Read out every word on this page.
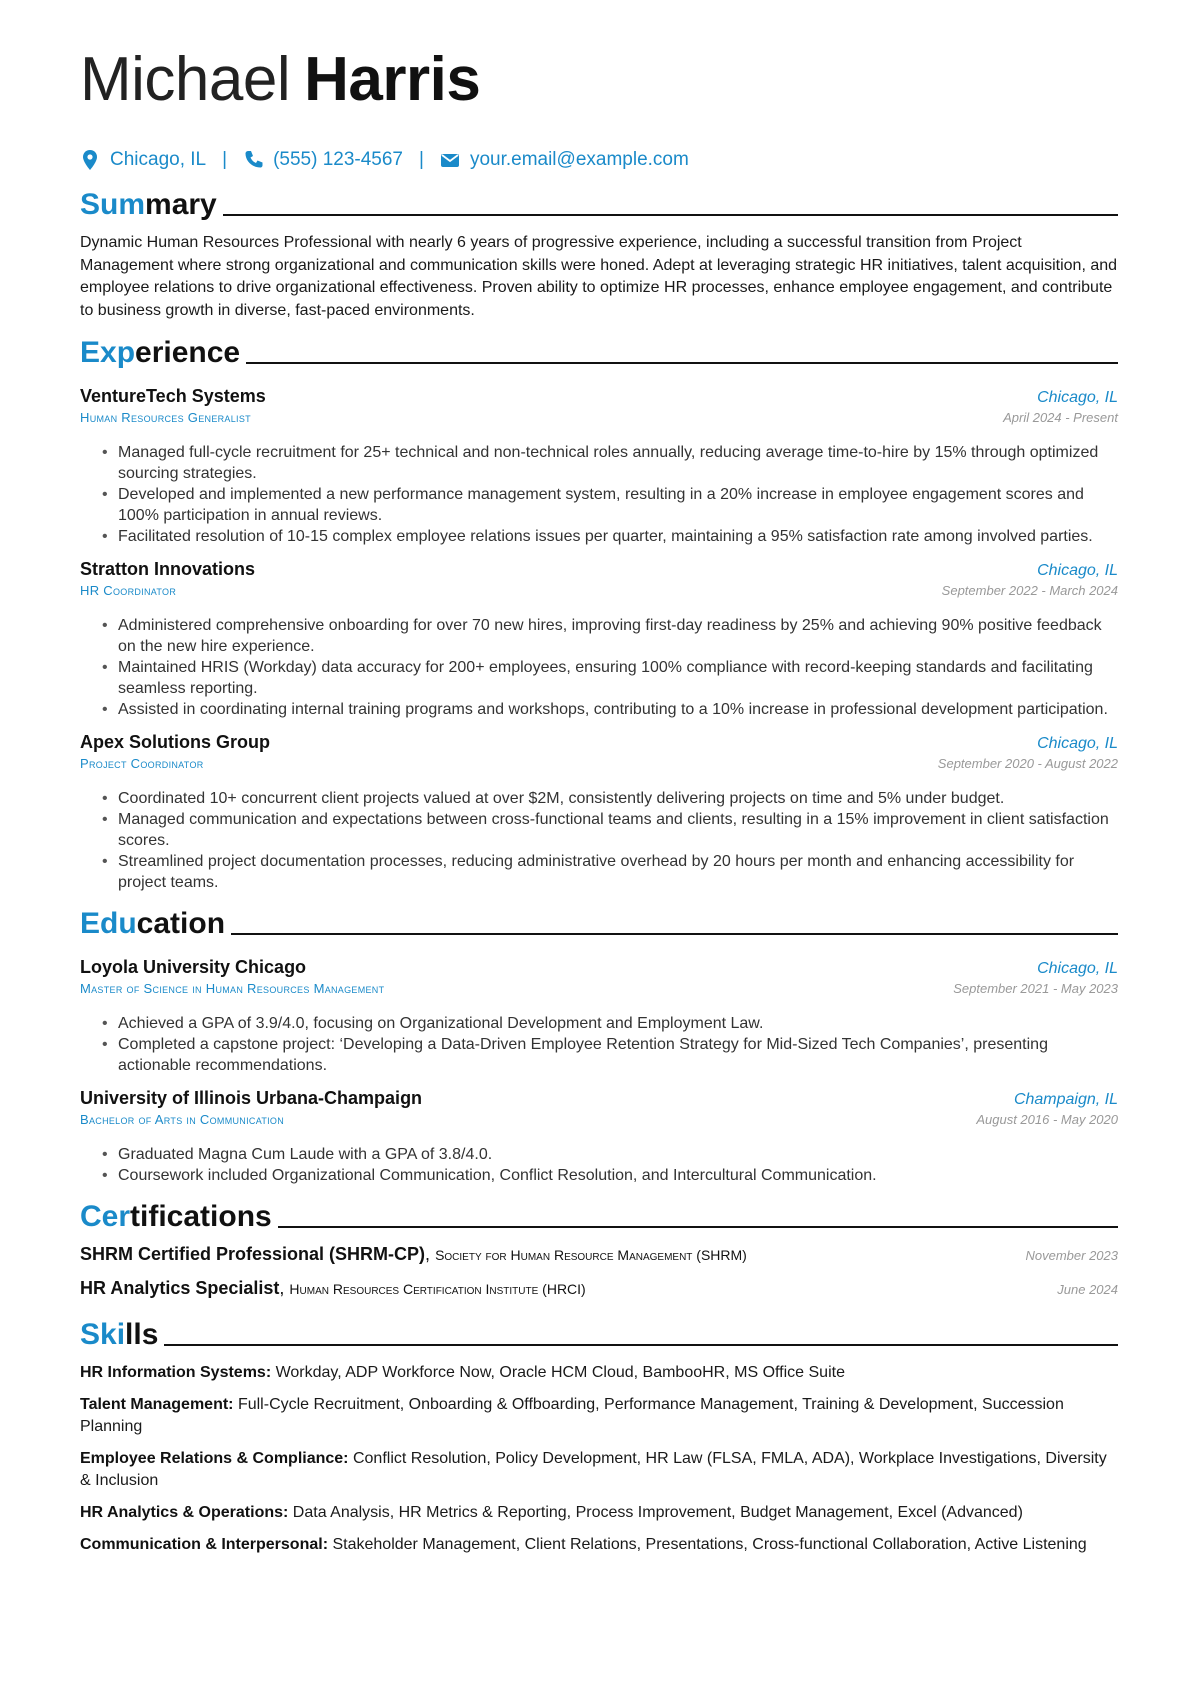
Michael Harris
Chicago, IL | (555) 123-4567 | your.email@example.com
Summary
Dynamic Human Resources Professional with nearly 6 years of progressive experience, including a successful transition from Project Management where strong organizational and communication skills were honed. Adept at leveraging strategic HR initiatives, talent acquisition, and employee relations to drive organizational effectiveness. Proven ability to optimize HR processes, enhance employee engagement, and contribute to business growth in diverse, fast-paced environments.
Experience
VentureTech Systems	Chicago, IL
Human Resources Generalist	April 2024 - Present
• Managed full-cycle recruitment for 25+ technical and non-technical roles annually, reducing average time-to-hire by 15% through optimized sourcing strategies.
• Developed and implemented a new performance management system, resulting in a 20% increase in employee engagement scores and 100% participation in annual reviews.
• Facilitated resolution of 10-15 complex employee relations issues per quarter, maintaining a 95% satisfaction rate among involved parties.
Stratton Innovations	Chicago, IL
HR Coordinator	September 2022 - March 2024
• Administered comprehensive onboarding for over 70 new hires, improving first-day readiness by 25% and achieving 90% positive feedback on the new hire experience.
• Maintained HRIS (Workday) data accuracy for 200+ employees, ensuring 100% compliance with record-keeping standards and facilitating seamless reporting.
• Assisted in coordinating internal training programs and workshops, contributing to a 10% increase in professional development participation.
Apex Solutions Group	Chicago, IL
Project Coordinator	September 2020 - August 2022
• Coordinated 10+ concurrent client projects valued at over $2M, consistently delivering projects on time and 5% under budget.
• Managed communication and expectations between cross-functional teams and clients, resulting in a 15% improvement in client satisfaction scores.
• Streamlined project documentation processes, reducing administrative overhead by 20 hours per month and enhancing accessibility for project teams.
Education
Loyola University Chicago	Chicago, IL
Master of Science in Human Resources Management	September 2021 - May 2023
• Achieved a GPA of 3.9/4.0, focusing on Organizational Development and Employment Law.
• Completed a capstone project: ‘Developing a Data-Driven Employee Retention Strategy for Mid-Sized Tech Companies’, presenting actionable recommendations.
University of Illinois Urbana-Champaign	Champaign, IL
Bachelor of Arts in Communication	August 2016 - May 2020
• Graduated Magna Cum Laude with a GPA of 3.8/4.0.
• Coursework included Organizational Communication, Conflict Resolution, and Intercultural Communication.
Certifications
SHRM Certified Professional (SHRM-CP), Society for Human Resource Management (SHRM)	November 2023
HR Analytics Specialist, Human Resources Certification Institute (HRCI)	June 2024
Skills
HR Information Systems: Workday, ADP Workforce Now, Oracle HCM Cloud, BambooHR, MS Office Suite
Talent Management: Full-Cycle Recruitment, Onboarding & Offboarding, Performance Management, Training & Development, Succession Planning
Employee Relations & Compliance: Conflict Resolution, Policy Development, HR Law (FLSA, FMLA, ADA), Workplace Investigations, Diversity & Inclusion
HR Analytics & Operations: Data Analysis, HR Metrics & Reporting, Process Improvement, Budget Management, Excel (Advanced)
Communication & Interpersonal: Stakeholder Management, Client Relations, Presentations, Cross-functional Collaboration, Active Listening
